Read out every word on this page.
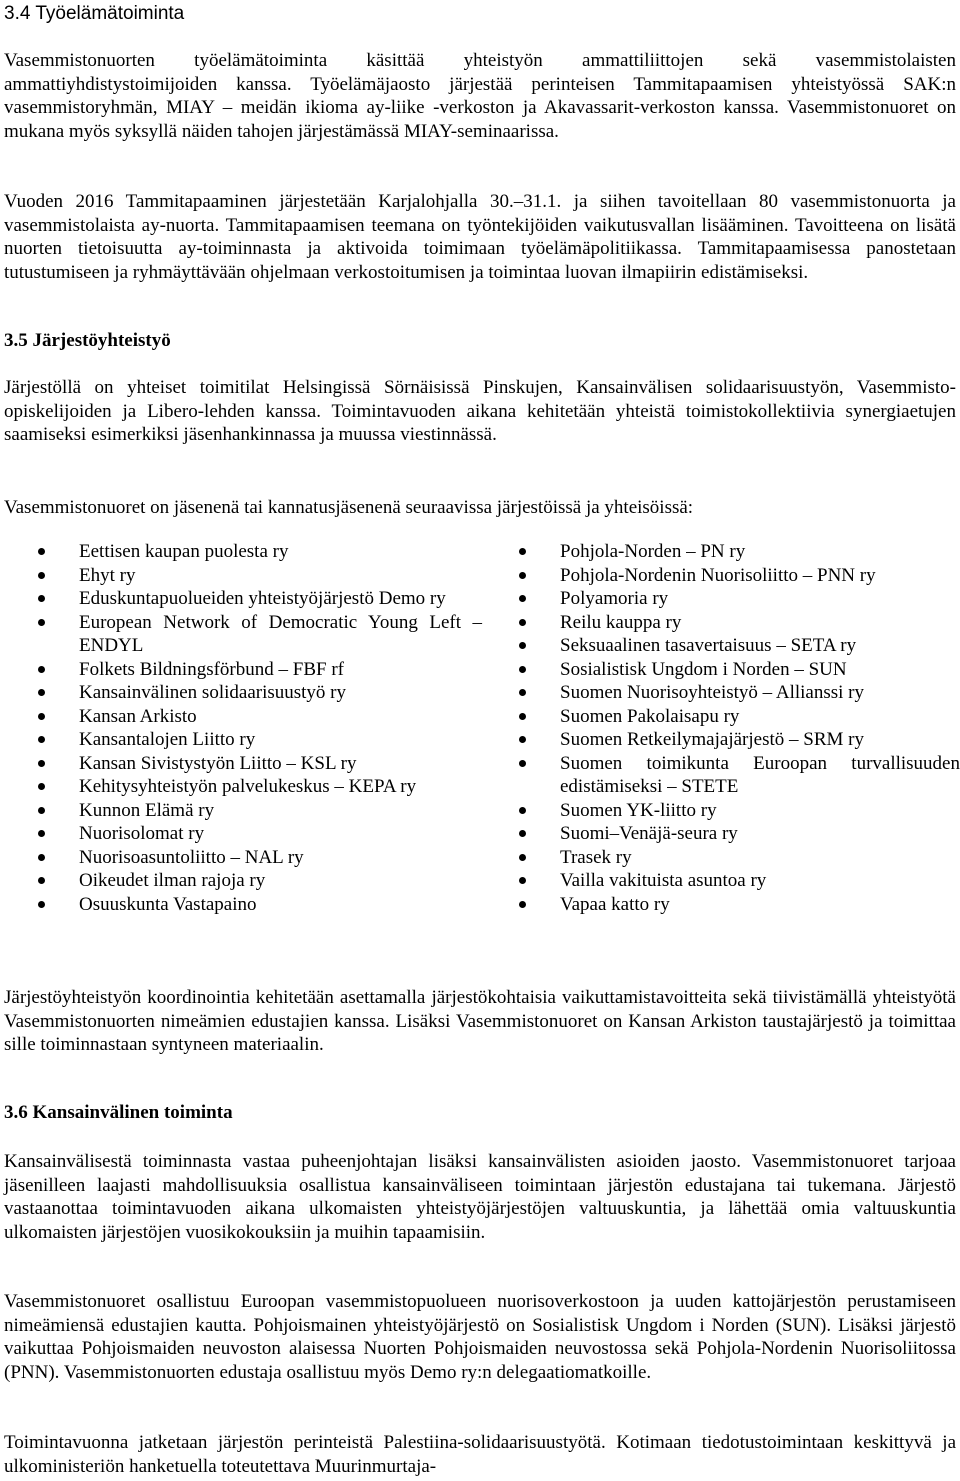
3.4 Työelämätoiminta

Vasemmistonuorten työelämätoiminta käsittää yhteistyön ammattiliittojen sekä vasemmistolaisten ammattiyhdistystoimijoiden kanssa. Työelämäjaosto järjestää perinteisen Tammitapaamisen yhteistyössä SAK:n vasemmistoryhmän, MIAY – meidän ikioma ay-liike -verkoston ja Akavassarit-verkoston kanssa. Vasemmistonuoret on mukana myös syksyllä näiden tahojen järjestämässä MIAY-seminaarissa.

Vuoden 2016 Tammitapaaminen järjestetään Karjalohjalla 30.–31.1. ja siihen tavoitellaan 80 vasemmistonuorta ja vasemmistolaista ay-nuorta. Tammitapaamisen teemana on työntekijöiden vaikutusvallan lisääminen. Tavoitteena on lisätä nuorten tietoisuutta ay-toiminnasta ja aktivoida toimimaan työelämäpolitiikassa. Tammitapaamisessa panostetaan tutustumiseen ja ryhmäyttävään ohjelmaan verkostoitumisen ja toimintaa luovan ilmapiirin edistämiseksi.

3.5 Järjestöyhteistyö

Järjestöllä on yhteiset toimitilat Helsingissä Sörnäisissä Pinskujen, Kansainvälisen solidaarisuustyön, Vasemmisto-opiskelijoiden ja Libero-lehden kanssa. Toimintavuoden aikana kehitetään yhteistä toimistokollektiivia synergiaetujen saamiseksi esimerkiksi jäsenhankinnassa ja muussa viestinnässä.

Vasemmistonuoret on jäsenenä tai kannatusjäsenenä seuraavissa järjestöissä ja yhteisöissä:

Eettisen kaupan puolesta ry
Ehyt ry
Eduskuntapuolueiden yhteistyöjärjestö Demo ry
European Network of Democratic Young Left – ENDYL
Folkets Bildningsförbund – FBF rf
Kansainvälinen solidaarisuustyö ry
Kansan Arkisto
Kansantalojen Liitto ry
Kansan Sivistystyön Liitto – KSL ry
Kehitysyhteistyön palvelukeskus – KEPA ry
Kunnon Elämä ry
Nuorisolomat ry
Nuorisoasuntoliitto – NAL ry
Oikeudet ilman rajoja ry
Osuuskunta Vastapaino
Pohjola-Norden – PN ry
Pohjola-Nordenin Nuorisoliitto – PNN ry
Polyamoria ry
Reilu kauppa ry
Seksuaalinen tasavertaisuus – SETA ry
Sosialistisk Ungdom i Norden – SUN
Suomen Nuorisoyhteistyö – Allianssi ry
Suomen Pakolaisapu ry
Suomen Retkeilymajajärjestö – SRM ry
Suomen toimikunta Euroopan turvallisuuden edistämiseksi – STETE
Suomen YK-liitto ry
Suomi–Venäjä-seura ry
Trasek ry
Vailla vakituista asuntoa ry
Vapaa katto ry

Järjestöyhteistyön koordinointia kehitetään asettamalla järjestökohtaisia vaikuttamistavoitteita sekä tiivistämällä yhteistyötä Vasemmistonuorten nimeämien edustajien kanssa. Lisäksi Vasemmistonuoret on Kansan Arkiston taustajärjestö ja toimittaa sille toiminnastaan syntyneen materiaalin.

3.6 Kansainvälinen toiminta

Kansainvälisestä toiminnasta vastaa puheenjohtajan lisäksi kansainvälisten asioiden jaosto. Vasemmistonuoret tarjoaa jäsenilleen laajasti mahdollisuuksia osallistua kansainväliseen toimintaan järjestön edustajana tai tukemana. Järjestö vastaanottaa toimintavuoden aikana ulkomaisten yhteistyöjärjestöjen valtuuskuntia, ja lähettää omia valtuuskuntia ulkomaisten järjestöjen vuosikokouksiin ja muihin tapaamisiin.

Vasemmistonuoret osallistuu Euroopan vasemmistopuolueen nuorisoverkostoon ja uuden kattojärjestön perustamiseen nimeämiensä edustajien kautta. Pohjoismainen yhteistyöjärjestö on Sosialistisk Ungdom i Norden (SUN). Lisäksi järjestö vaikuttaa Pohjoismaiden neuvoston alaisessa Nuorten Pohjoismaiden neuvostossa sekä Pohjola-Nordenin Nuorisoliitossa (PNN). Vasemmistonuorten edustaja osallistuu myös Demo ry:n delegaatiomatkoille.

Toimintavuonna jatketaan järjestön perinteistä Palestiina-solidaarisuustyötä. Kotimaan tiedotustoimintaan keskittyvä ja ulkoministeriön hanketuella toteutettava Muurinmurtaja-
